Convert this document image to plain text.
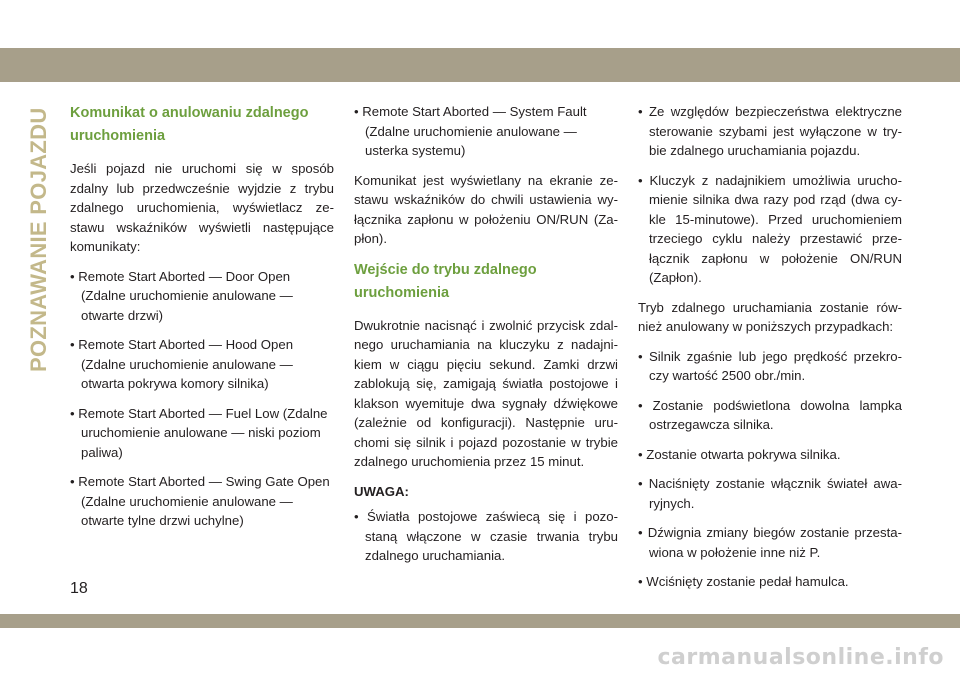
POZNAWANIE POJAZDU Komunikat o anulowaniu zdalnego uruchomienia

Jeśli pojazd nie uruchomi się w sposób zdalny lub przedwcześnie wyjdzie z trybu zdalnego uruchomienia, wyświetlacz ze- stawu wskaźników wyświetli następujące komunikaty:

• Remote Start Aborted — Door Open (Zdalne uruchomienie anulowane — otwarte drzwi)

• Remote Start Aborted — Hood Open (Zdalne uruchomienie anulowane — otwarta pokrywa komory silnika)

• Remote Start Aborted — Fuel Low (Zdalne uruchomienie anulowane — niski poziom paliwa)

• Remote Start Aborted — Swing Gate Open (Zdalne uruchomienie anulowane — otwarte tylne drzwi uchylne)

• Remote Start Aborted — System Fault (Zdalne uruchomienie anulowane — usterka systemu)

Komunikat jest wyświetlany na ekranie ze- stawu wskaźników do chwili ustawienia wy- łącznika zapłonu w położeniu ON/RUN (Za- płon).

Wejście do trybu zdalnego uruchomienia

Dwukrotnie nacisnąć i zwolnić przycisk zdal- nego uruchamiania na kluczyku z nadajni- kiem w ciągu pięciu sekund. Zamki drzwi zablokują się, zamigają światła postojowe i klakson wyemituje dwa sygnały dźwiękowe (zależnie od konfiguracji). Następnie uru- chomi się silnik i pojazd pozostanie w trybie zdalnego uruchomienia przez 15 minut.

UWAGA:

• Światła postojowe zaświecą się i pozo- staną włączone w czasie trwania trybu zdalnego uruchamiania.

• Ze względów bezpieczeństwa elektryczne sterowanie szybami jest wyłączone w try- bie zdalnego uruchamiania pojazdu.

• Kluczyk z nadajnikiem umożliwia urucho- mienie silnika dwa razy pod rząd (dwa cy- kle 15-minutowe). Przed uruchomieniem trzeciego cyklu należy przestawić prze- łącznik zapłonu w położenie ON/RUN (Zapłon).

Tryb zdalnego uruchamiania zostanie rów- nież anulowany w poniższych przypadkach:

• Silnik zgaśnie lub jego prędkość przekro- czy wartość 2500 obr./min.

• Zostanie podświetlona dowolna lampka ostrzegawcza silnika.

• Zostanie otwarta pokrywa silnika.

• Naciśnięty zostanie włącznik świateł awa- ryjnych.

• Dźwignia zmiany biegów zostanie przesta- wiona w położenie inne niż P.

• Wciśnięty zostanie pedał hamulca.

18
carmanualsonline.info
